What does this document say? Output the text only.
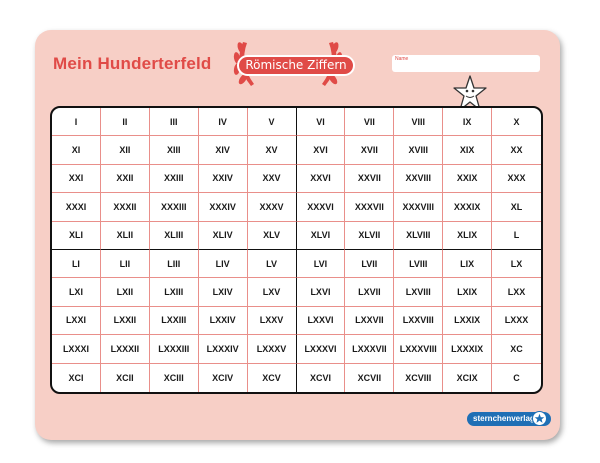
Mein Hunderterfeld	Römische Ziffern	Name
I	II	III	IV	V	VI	VII	VIII	IX	X
XI	XII	XIII	XIV	XV	XVI	XVII	XVIII	XIX	XX
XXI	XXII	XXIII	XXIV	XXV	XXVI	XXVII	XXVIII	XXIX	XXX
XXXI	XXXII	XXXIII	XXXIV	XXXV	XXXVI	XXXVII	XXXVIII	XXXIX	XL
XLI	XLII	XLIII	XLIV	XLV	XLVI	XLVII	XLVIII	XLIX	L
LI	LII	LIII	LIV	LV	LVI	LVII	LVIII	LIX	LX
LXI	LXII	LXIII	LXIV	LXV	LXVI	LXVII	LXVIII	LXIX	LXX
LXXI	LXXII	LXXIII	LXXIV	LXXV	LXXVI	LXXVII	LXXVIII	LXXIX	LXXX
LXXXI	LXXXII	LXXXIII	LXXXIV	LXXXV	LXXXVI	LXXXVII	LXXXVIII	LXXXIX	XC
XCI	XCII	XCIII	XCIV	XCV	XCVI	XCVII	XCVIII	XCIX	C
sternchenverlag
